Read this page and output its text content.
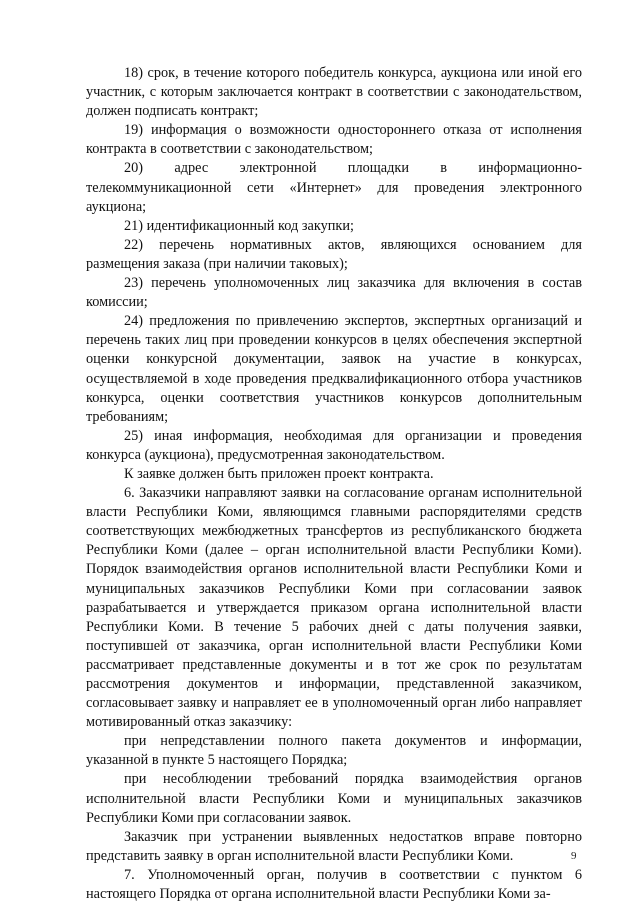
18) срок, в течение которого победитель конкурса, аукциона или иной его участник, с которым заключается контракт в соответствии с законодательством, должен подписать контракт;

19) информация о возможности одностороннего отказа от исполнения контракта в соответствии с законодательством;

20) адрес электронной площадки в информационно-телекоммуникационной сети «Интернет» для проведения электронного аукциона;

21) идентификационный код закупки;

22) перечень нормативных актов, являющихся основанием для размещения заказа (при наличии таковых);

23) перечень уполномоченных лиц заказчика для включения в состав комиссии;

24) предложения по привлечению экспертов, экспертных организаций и перечень таких лиц при проведении конкурсов в целях обеспечения экспертной оценки конкурсной документации, заявок на участие в конкурсах, осуществляемой в ходе проведения предквалификационного отбора участников конкурса, оценки соответствия участников конкурсов дополнительным требованиям;

25) иная информация, необходимая для организации и проведения конкурса (аукциона), предусмотренная законодательством.

К заявке должен быть приложен проект контракта.

6. Заказчики направляют заявки на согласование органам исполнительной власти Республики Коми, являющимся главными распорядителями средств соответствующих межбюджетных трансфертов из республиканского бюджета Республики Коми (далее – орган исполнительной власти Республики Коми). Порядок взаимодействия органов исполнительной власти Республики Коми и муниципальных заказчиков Республики Коми при согласовании заявок разрабатывается и утверждается приказом органа исполнительной власти Республики Коми. В течение 5 рабочих дней с даты получения заявки, поступившей от заказчика, орган исполнительной власти Республики Коми рассматривает представленные документы и в тот же срок по результатам рассмотрения документов и информации, представленной заказчиком, согласовывает заявку и направляет ее в уполномоченный орган либо направляет мотивированный отказ заказчику:

при непредставлении полного пакета документов и информации, указанной в пункте 5 настоящего Порядка;

при несоблюдении требований порядка взаимодействия органов исполнительной власти Республики Коми и муниципальных заказчиков Республики Коми при согласовании заявок.

Заказчик при устранении выявленных недостатков вправе повторно представить заявку в орган исполнительной власти Республики Коми.

7. Уполномоченный орган, получив в соответствии с пунктом 6 настоящего Порядка от органа исполнительной власти Республики Коми за-

9
